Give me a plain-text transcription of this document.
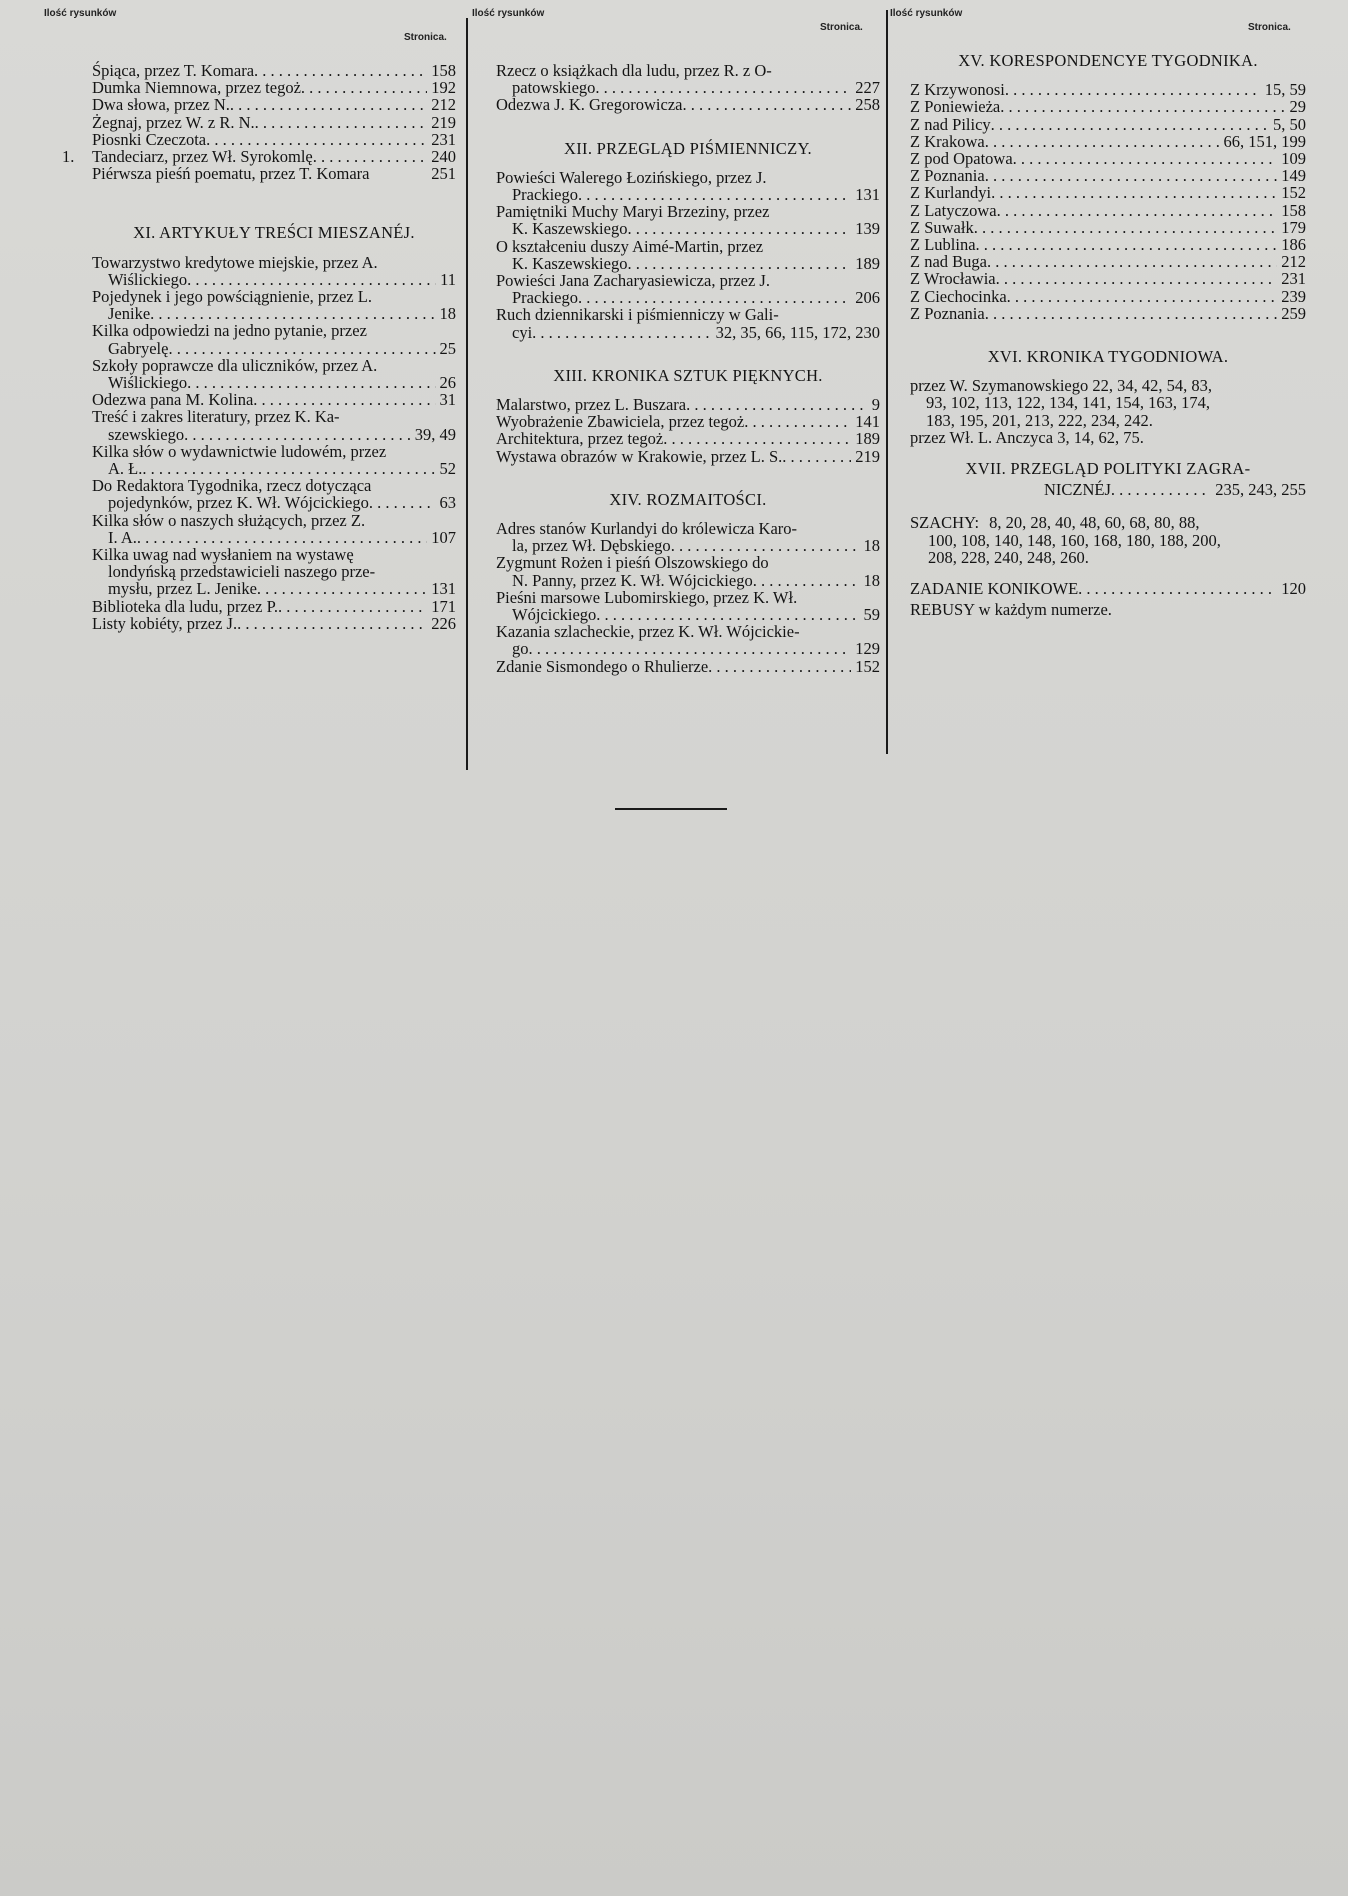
Ilość rysunków
Stronica.
Ilość rysunków
Stronica.
Ilość rysunków
Stronica.
Śpiąca, przez T. Komara . . .	158
Dumka Niemnowa, przez tegoż . . .	192
Dwa słowa, przez N. . . .	212
Żegnaj, przez W. z R. N. . . .	219
Piosnki Czeczota . . .	231
1. Tandeciarz, przez Wł. Syrokomlę . . .	240
Piérwsza pieśń poematu, przez T. Komara	251
XI. ARTYKUŁY TREŚCI MIESZANÉJ.
Towarzystwo kredytowe miejskie, przez A.
Wiślickiego . . .	11
Pojedynek i jego powściągnienie, przez L.
Jenike . . .	18
Kilka odpowiedzi na jedno pytanie, przez
Gabryelę . . .	25
Szkoły poprawcze dla uliczników, przez A.
Wiślickiego . . .	26
Odezwa pana M. Kolina . . .	31
Treść i zakres literatury, przez K. Ka-
szewskiego . . .	39, 49
Kilka słów o wydawnictwie ludowém, przez
A. Ł. . . .	52
Do Redaktora Tygodnika, rzecz dotycząca
pojedynków, przez K. Wł. Wójcickiego . . .	63
Kilka słów o naszych służących, przez Z.
I. A. . . .	107
Kilka uwag nad wysłaniem na wystawę
londyńską przedstawicieli naszego prze-
mysłu, przez L. Jenike . . .	131
Biblioteka dla ludu, przez P. . . .	171
Listy kobiéty, przez J. . . .	226
Rzecz o książkach dla ludu, przez R. z O-
patowskiego . . .	227
Odezwa J. K. Gregorowicza . . .	258
XII. PRZEGLĄD PIŚMIENNICZY.
Powieści Walerego Łozińskiego, przez J.
Prackiego . . .	131
Pamiętniki Muchy Maryi Brzeziny, przez
K. Kaszewskiego . . .	139
O kształceniu duszy Aimé-Martin, przez
K. Kaszewskiego . . .	189
Powieści Jana Zacharyasiewicza, przez J.
Prackiego . . .	206
Ruch dziennikarski i piśmienniczy w Gali-
cyi . . .	32, 35, 66, 115, 172, 230
XIII. KRONIKA SZTUK PIĘKNYCH.
Malarstwo, przez L. Buszara . . .	9
Wyobrażenie Zbawiciela, przez tegoż . . .	141
Architektura, przez tegoż . . .	189
Wystawa obrazów w Krakowie, przez L. S. . . .	219
XIV. ROZMAITOŚCI.
Adres stanów Kurlandyi do królewicza Karo-
la, przez Wł. Dębskiego . . .	18
Zygmunt Rożen i pieśń Olszowskiego do
N. Panny, przez K. Wł. Wójcickiego . . .	18
Pieśni marsowe Lubomirskiego, przez K. Wł.
Wójcickiego . . .	59
Kazania szlacheckie, przez K. Wł. Wójcickie-
go . . .	129
Zdanie Sismondego o Rhulierze . . .	152
XV. KORESPONDENCYE TYGODNIKA.
Z Krzywonosi . . .	15, 59
Z Poniewieża . . .	29
Z nad Pilicy . . .	5, 50
Z Krakowa . . .	66, 151, 199
Z pod Opatowa . . .	109
Z Poznania . . .	149
Z Kurlandyi . . .	152
Z Latyczowa . . .	158
Z Suwałk . . .	179
Z Lublina . . .	186
Z nad Buga . . .	212
Z Wrocławia . . .	231
Z Ciechocinka . . .	239
Z Poznania . . .	259
XVI. KRONIKA TYGODNIOWA.
przez W. Szymanowskiego 22, 34, 42, 54, 83,
93, 102, 113, 122, 134, 141, 154, 163, 174,
183, 195, 201, 213, 222, 234, 242.
przez Wł. L. Anczyca 3, 14, 62, 75.
XVII. PRZEGLĄD POLITYKI ZAGRA-
NICZNÉJ . . .	235, 243, 255
SZACHY: 8, 20, 28, 40, 48, 60, 68, 80, 88,
100, 108, 140, 148, 160, 168, 180, 188, 200,
208, 228, 240, 248, 260.
ZADANIE KONIKOWE . . .	120
REBUSY w każdym numerze.
